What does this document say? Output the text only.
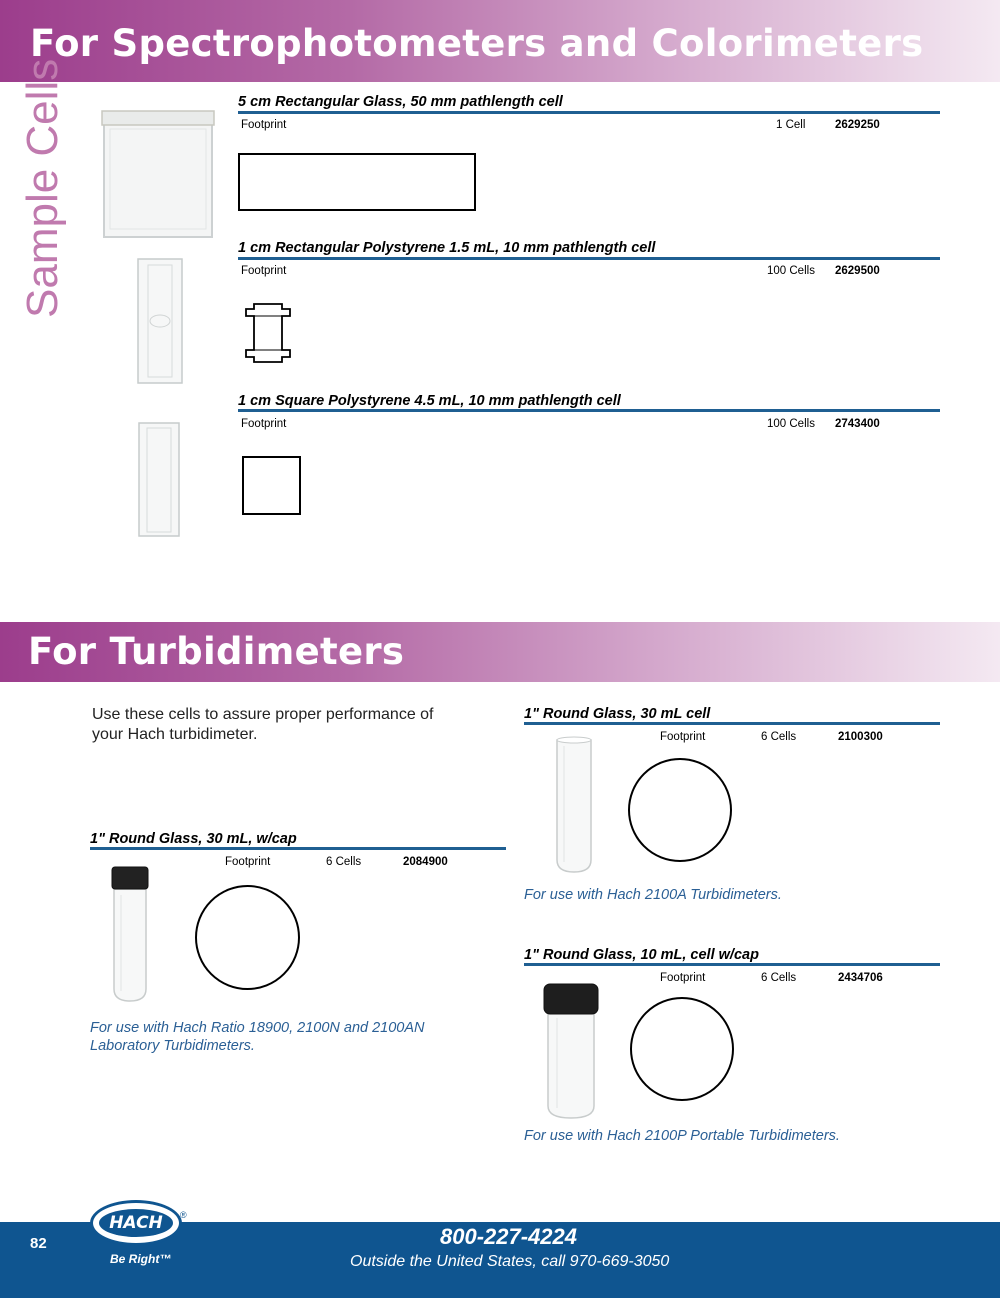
For Spectrophotometers and Colorimeters
Sample Cells	5 cm Rectangular Glass, 50 mm pathlength cell
Footprint	1 Cell	2629250
1 cm Rectangular Polystyrene 1.5 mL, 10 mm pathlength cell
Footprint	100 Cells 2629500
1 cm Square Polystyrene 4.5 mL, 10 mm pathlength cell
Footprint	100 Cells 2743400
For Turbidimeters
Use these cells to assure proper performance of your Hach turbidimeter.
1" Round Glass, 30 mL cell
Footprint	6 Cells	2100300
For use with Hach 2100A Turbidimeters.
1" Round Glass, 30 mL, w/cap
Footprint	6 Cells	2084900
For use with Hach Ratio 18900, 2100N and 2100AN Laboratory Turbidimeters.
1" Round Glass, 10 mL, cell w/cap
Footprint	6 Cells	2434706
For use with Hach 2100P Portable Turbidimeters.
82
HACH	®
Be Right™
800-227-4224
Outside the United States, call 970-669-3050
